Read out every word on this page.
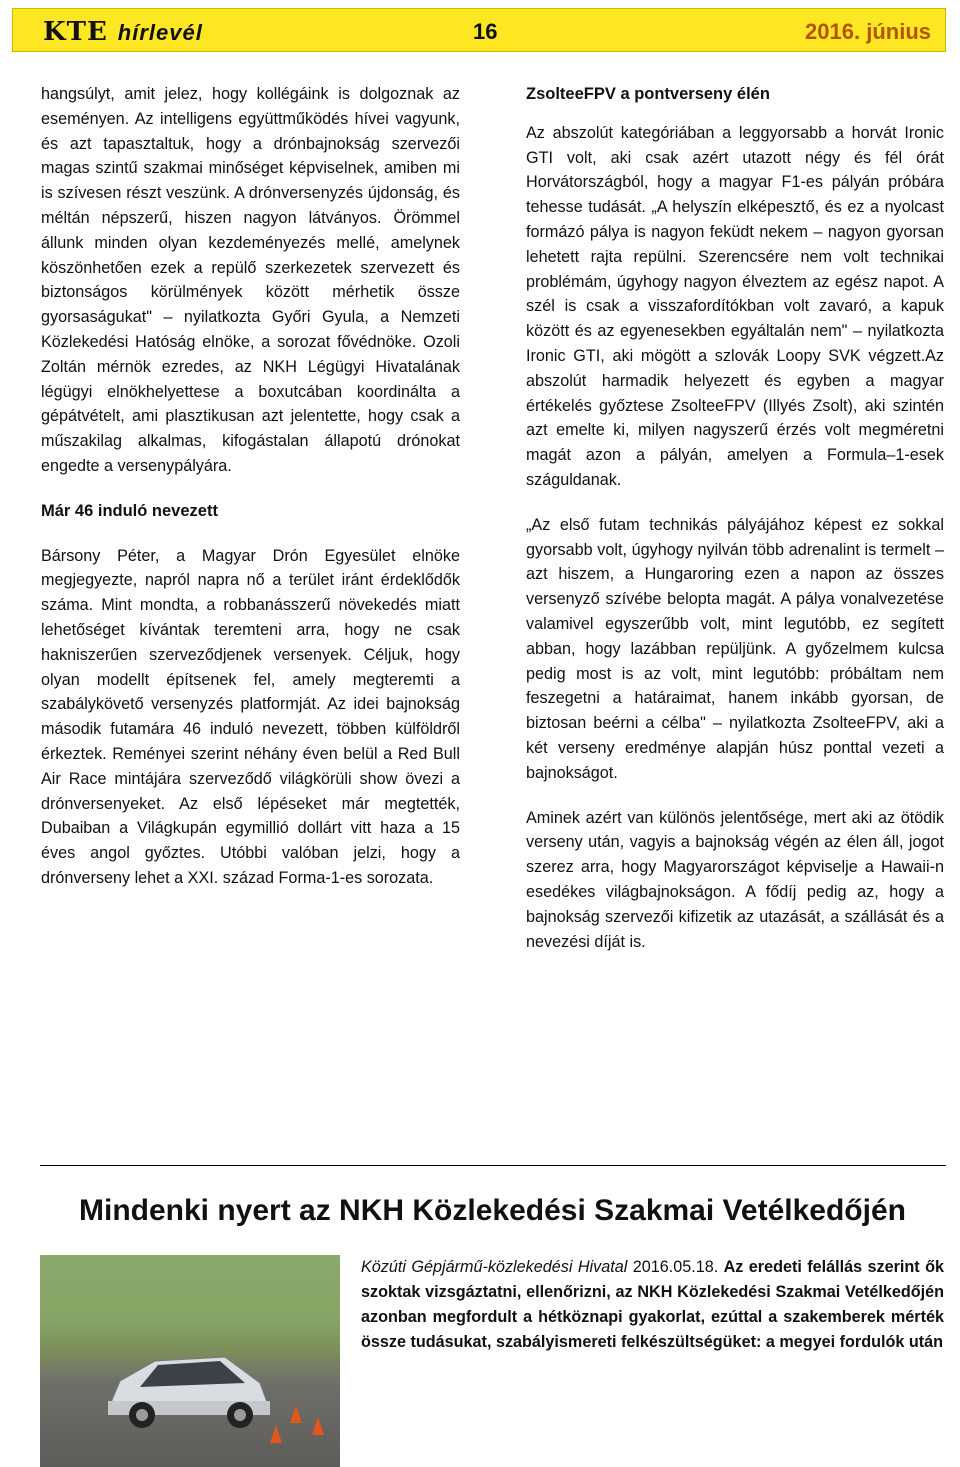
KTE hírlevél	16	2016. június

hangsúlyt, amit jelez, hogy kollégáink is dolgoznak az eseményen. Az intelligens együttműködés hívei vagyunk, és azt tapasztaltuk, hogy a drónbajnokság szervezői magas szintű szakmai minőséget képviselnek, amiben mi is szívesen részt veszünk. A drónversenyzés újdonság, és méltán népszerű, hiszen nagyon látványos. Örömmel állunk minden olyan kezdeményezés mellé, amelynek köszönhetően ezek a repülő szerkezetek szervezett és biztonságos körülmények között mérhetik össze gyorsaságukat" – nyilatkozta Győri Gyula, a Nemzeti Közlekedési Hatóság elnöke, a sorozat fővédnöke. Ozoli Zoltán mérnök ezredes, az NKH Légügyi Hivatalának légügyi elnökhelyettese a boxutcában koordinálta a gépátvételt, ami plasztikusan azt jelentette, hogy csak a műszakilag alkalmas, kifogástalan állapotú drónokat engedte a versenypályára.

Már 46 induló nevezett

Bársony Péter, a Magyar Drón Egyesület elnöke megjegyezte, napról napra nő a terület iránt érdeklődők száma. Mint mondta, a robbanásszerű növekedés miatt lehetőséget kívántak teremteni arra, hogy ne csak hakniszerűen szerveződjenek versenyek. Céljuk, hogy olyan modellt építsenek fel, amely megteremti a szabálykövető versenyzés platformját. Az idei bajnokság második futamára 46 induló nevezett, többen külföldről érkeztek. Reményei szerint néhány éven belül a Red Bull Air Race mintájára szerveződő világkörüli show övezi a drónversenyeket. Az első lépéseket már megtették, Dubaiban a Világkupán egymillió dollárt vitt haza a 15 éves angol győztes. Utóbbi valóban jelzi, hogy a drónverseny lehet a XXI. század Forma-1-es sorozata.

ZsolteeFPV a pontverseny élén

Az abszolút kategóriában a leggyorsabb a horvát Ironic GTI volt, aki csak azért utazott négy és fél órát Horvátországból, hogy a magyar F1-es pályán próbára tehesse tudását. „A helyszín elképesztő, és ez a nyolcast formázó pálya is nagyon feküdt nekem – nagyon gyorsan lehetett rajta repülni. Szerencsére nem volt technikai problémám, úgyhogy nagyon élveztem az egész napot. A szél is csak a visszafordítókban volt zavaró, a kapuk között és az egyenesekben egyáltalán nem" – nyilatkozta Ironic GTI, aki mögött a szlovák Loopy SVK végzett.Az abszolút harmadik helyezett és egyben a magyar értékelés győztese ZsolteeFPV (Illyés Zsolt), aki szintén azt emelte ki, milyen nagyszerű érzés volt megméretni magát azon a pályán, amelyen a Formula–1-esek száguldanak.

„Az első futam technikás pályájához képest ez sokkal gyorsabb volt, úgyhogy nyilván több adrenalint is termelt – azt hiszem, a Hungaroring ezen a napon az összes versenyző szívébe belopta magát. A pálya vonalvezetése valamivel egyszerűbb volt, mint legutóbb, ez segített abban, hogy lazábban repüljünk. A győzelmem kulcsa pedig most is az volt, mint legutóbb: próbáltam nem feszegetni a határaimat, hanem inkább gyorsan, de biztosan beérni a célba" – nyilatkozta ZsolteeFPV, aki a két verseny eredménye alapján húsz ponttal vezeti a bajnokságot.

Aminek azért van különös jelentősége, mert aki az ötödik verseny után, vagyis a bajnokság végén az élen áll, jogot szerez arra, hogy Magyarországot képviselje a Hawaii-n esedékes világbajnokságon. A fődíj pedig az, hogy a bajnokság szervezői kifizetik az utazását, a szállását és a nevezési díját is.

Mindenki nyert az NKH Közlekedési Szakmai Vetélkedőjén
Közúti Gépjármű-közlekedési Hivatal 2016.05.18. Az eredeti felállás szerint ők szoktak vizsgáztatni, ellenőrizni, az NKH Közlekedési Szakmai Vetélkedőjén azonban megfordult a hétköznapi gyakorlat, ezúttal a szakemberek mérték össze tudásukat, szabályismereti felkészültségüket: a megyei fordulók után
